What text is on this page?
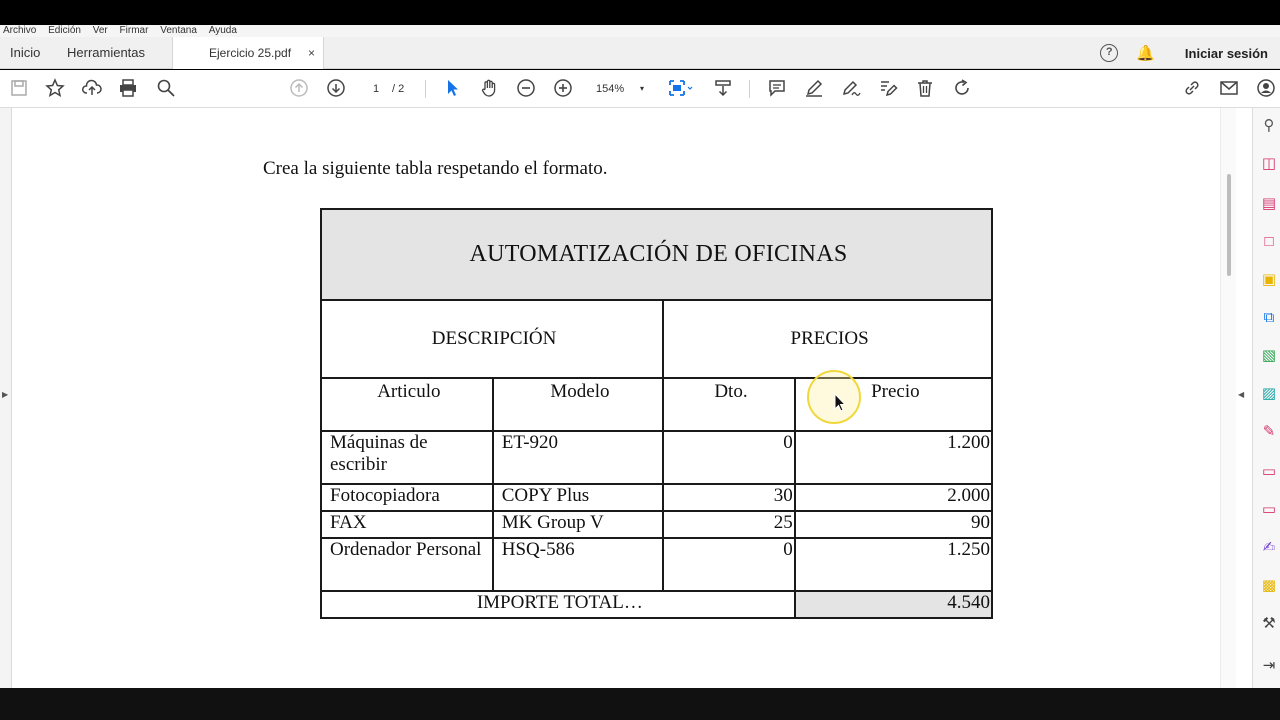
Archivo Edición Ver Firmar Ventana Ayuda
Inicio	Herramientas	Ejercicio 25.pdf ×	?	🔔 Iniciar sesión
1	/ 2	154% ▾
▶
Crea la siguiente tabla respetando el formato.
AUTOMATIZACIÓN DE OFICINAS			
DESCRIPCIÓN		PRECIOS	
Articulo	Modelo	Dto.	Precio
Máquinas de escribir	ET-920	0	1.200
Fotocopiadora	COPY Plus	30	2.000
FAX	MK Group V	25	90
Ordenador Personal	HSQ-586	0	1.250
IMPORTE TOTAL…			4.540
◀
⚲
◫
▤
□
▣
⧉
▧
▨
✎
▭
▭
✍
▩
⚒
⇥
